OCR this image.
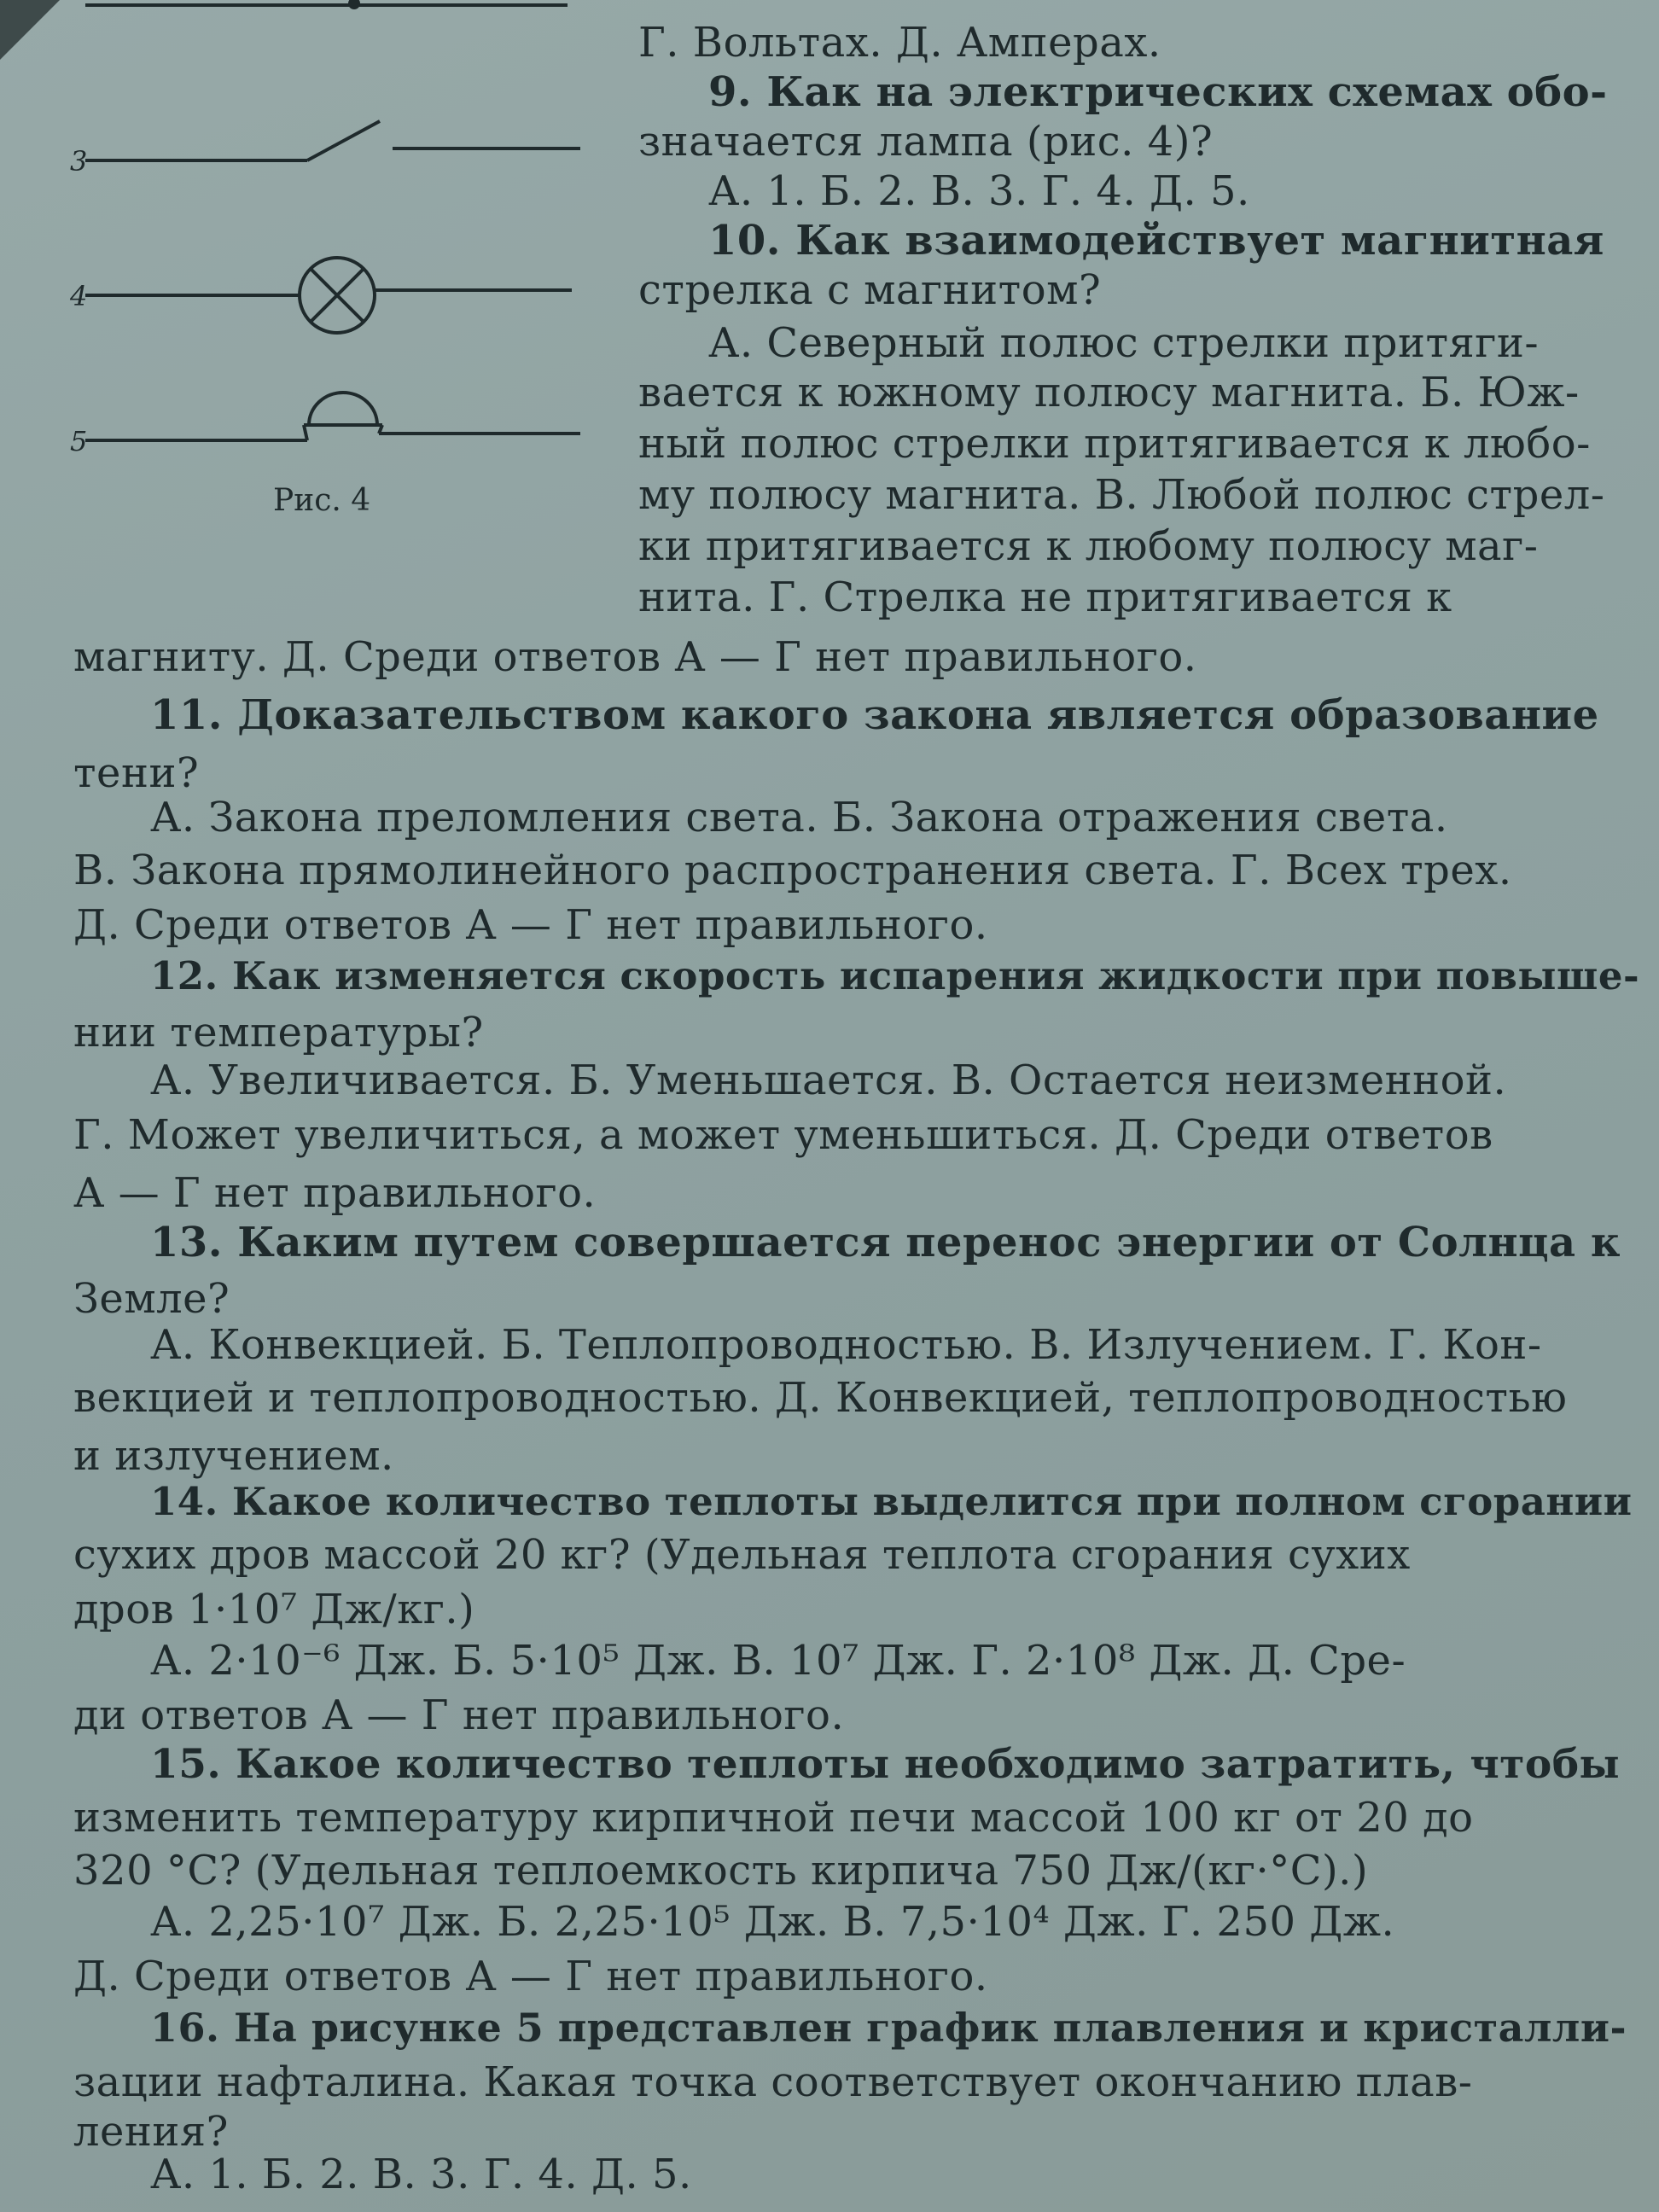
3
4
5
Рис. 4
Г. Вольтах. Д. Амперах.
9. Как на электрических схемах обо-
значается лампа (рис. 4)?
А. 1. Б. 2. В. 3. Г. 4. Д. 5.
10. Как взаимодействует магнитная
стрелка с магнитом?
А. Северный полюс стрелки притяги-
вается к южному полюсу магнита. Б. Юж-
ный полюс стрелки притягивается к любо-
му полюсу магнита. В. Любой полюс стрел-
ки притягивается к любому полюсу маг-
нита. Г. Стрелка не притягивается к
магниту. Д. Среди ответов А — Г нет правильного.
11. Доказательством какого закона является образование
тени?
А. Закона преломления света. Б. Закона отражения света.
В. Закона прямолинейного распространения света. Г. Всех трех.
Д. Среди ответов А — Г нет правильного.
12. Как изменяется скорость испарения жидкости при повыше-
нии температуры?
А. Увеличивается. Б. Уменьшается. В. Остается неизменной.
Г. Может увеличиться, а может уменьшиться. Д. Среди ответов
А — Г нет правильного.
13. Каким путем совершается перенос энергии от Солнца к
Земле?
А. Конвекцией. Б. Теплопроводностью. В. Излучением. Г. Кон-
векцией и теплопроводностью. Д. Конвекцией, теплопроводностью
и излучением.
14. Какое количество теплоты выделится при полном сгорании
сухих дров массой 20 кг? (Удельная теплота сгорания сухих
дров 1·10⁷ Дж/кг.)
А. 2·10⁻⁶ Дж. Б. 5·10⁵ Дж. В. 10⁷ Дж. Г. 2·10⁸ Дж. Д. Сре-
ди ответов А — Г нет правильного.
15. Какое количество теплоты необходимо затратить, чтобы
изменить температуру кирпичной печи массой 100 кг от 20 до
320 °С? (Удельная теплоемкость кирпича 750 Дж/(кг·°С).)
А. 2,25·10⁷ Дж. Б. 2,25·10⁵ Дж. В. 7,5·10⁴ Дж. Г. 250 Дж.
Д. Среди ответов А — Г нет правильного.
16. На рисунке 5 представлен график плавления и кристалли-
зации нафталина. Какая точка соответствует окончанию плав-
ления?
А. 1. Б. 2. В. 3. Г. 4. Д. 5.
